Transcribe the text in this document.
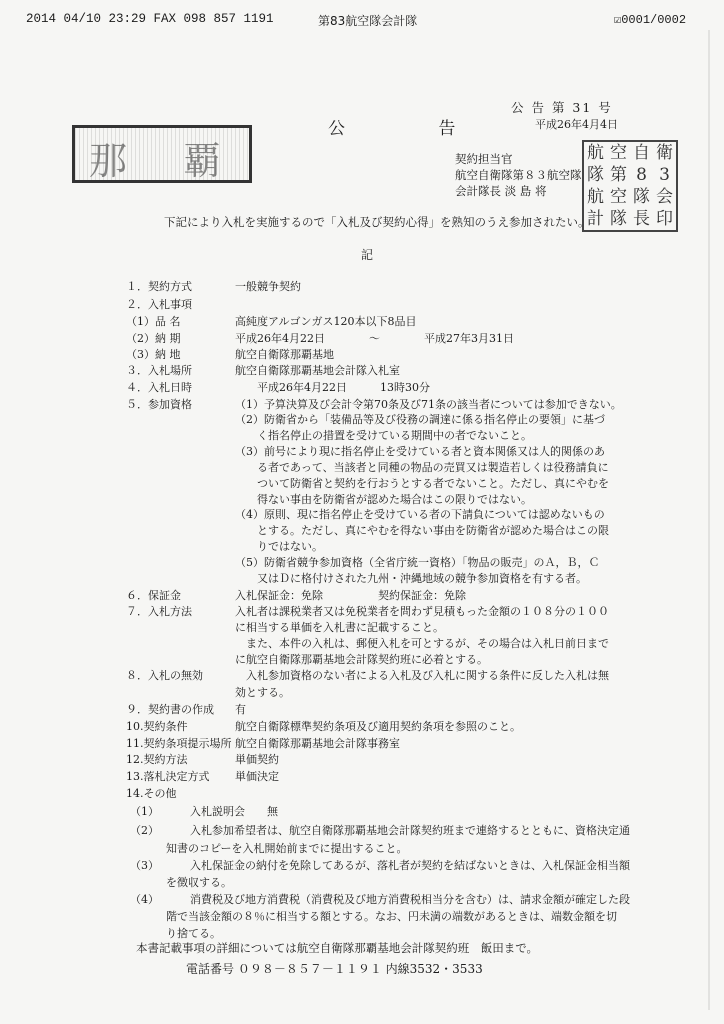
2014 04/10 23:29 FAX 098 857 1191	第83航空隊会計隊	☑0001/0002
公 告 第 31 号
公 告	平成26年4月4日
那 覇	契約担当官
航空自衛隊第８３航空隊
会計隊長 淡 島 将
航 空 自 衛
隊 第 8 3
航 空 隊 会
計 隊 長 印
下記により入札を実施するので「入札及び契約心得」を熟知のうえ参加されたい。
記
１．契約方式	一般競争契約
２．入札事項
（1）品 名	高純度アルゴンガス120本以下8品目
（2）納 期	平成26年4月22日　　　　〜　　　　平成27年3月31日
（3）納 地	航空自衛隊那覇基地
３．入札場所	航空自衛隊那覇基地会計隊入札室
４．入札日時	　　平成26年4月22日　　　13時30分
５．参加資格	（1）予算決算及び会計令第70条及び71条の該当者については参加できない。
（2）防衛省から「装備品等及び役務の調達に係る指名停止の要領」に基づ
　　く指名停止の措置を受けている期間中の者でないこと。
（3）前号により現に指名停止を受けている者と資本関係又は人的関係のあ
　　る者であって、当該者と同種の物品の売買又は製造若しくは役務請負に
　　ついて防衛省と契約を行おうとする者でないこと。ただし、真にやむを
　　得ない事由を防衛省が認めた場合はこの限りではない。
（4）原則、現に指名停止を受けている者の下請負については認めないもの
　　とする。ただし、真にやむを得ない事由を防衛省が認めた場合はこの限
　　りではない。
（5）防衛省競争参加資格（全省庁統一資格）「物品の販売」のＡ，Ｂ，Ｃ
　　又はＤに格付けされた九州・沖縄地域の競争参加資格を有する者。
６．保証金	入札保証金：免除　　　　　契約保証金：免除
７．入札方法	入札者は課税業者又は免税業者を問わず見積もった金額の１０８分の１００
に相当する単価を入札書に記載すること。
　また、本件の入札は、郵便入札を可とするが、その場合は入札日前日まで
に航空自衛隊那覇基地会計隊契約班に必着とする。
８．入札の無効	　入札参加資格のない者による入札及び入札に関する条件に反した入札は無
効とする。
９．契約書の作成 有
10.契約条件	航空自衛隊標準契約条項及び適用契約条項を参照のこと。
11.契約条項提示場所 航空自衛隊那覇基地会計隊事務室
12.契約方法	単価契約
13.落札決定方式 単価決定
14.その他
（1）	入札説明会　　無
（2）	入札参加希望者は、航空自衛隊那覇基地会計隊契約班まで連絡するとともに、資格決定通
知書のコピーを入札開始前までに提出すること。
（3）	入札保証金の納付を免除してあるが、落札者が契約を結ばないときは、入札保証金相当額
を徴収する。
（4）	消費税及び地方消費税（消費税及び地方消費税相当分を含む）は、請求金額が確定した段
階で当該金額の８％に相当する額とする。なお、円未満の端数があるときは、端数金額を切
り捨てる。
本書記載事項の詳細については航空自衛隊那覇基地会計隊契約班　飯田まで。
電話番号 ０９８－８５７－１１９１ 内線3532・3533
